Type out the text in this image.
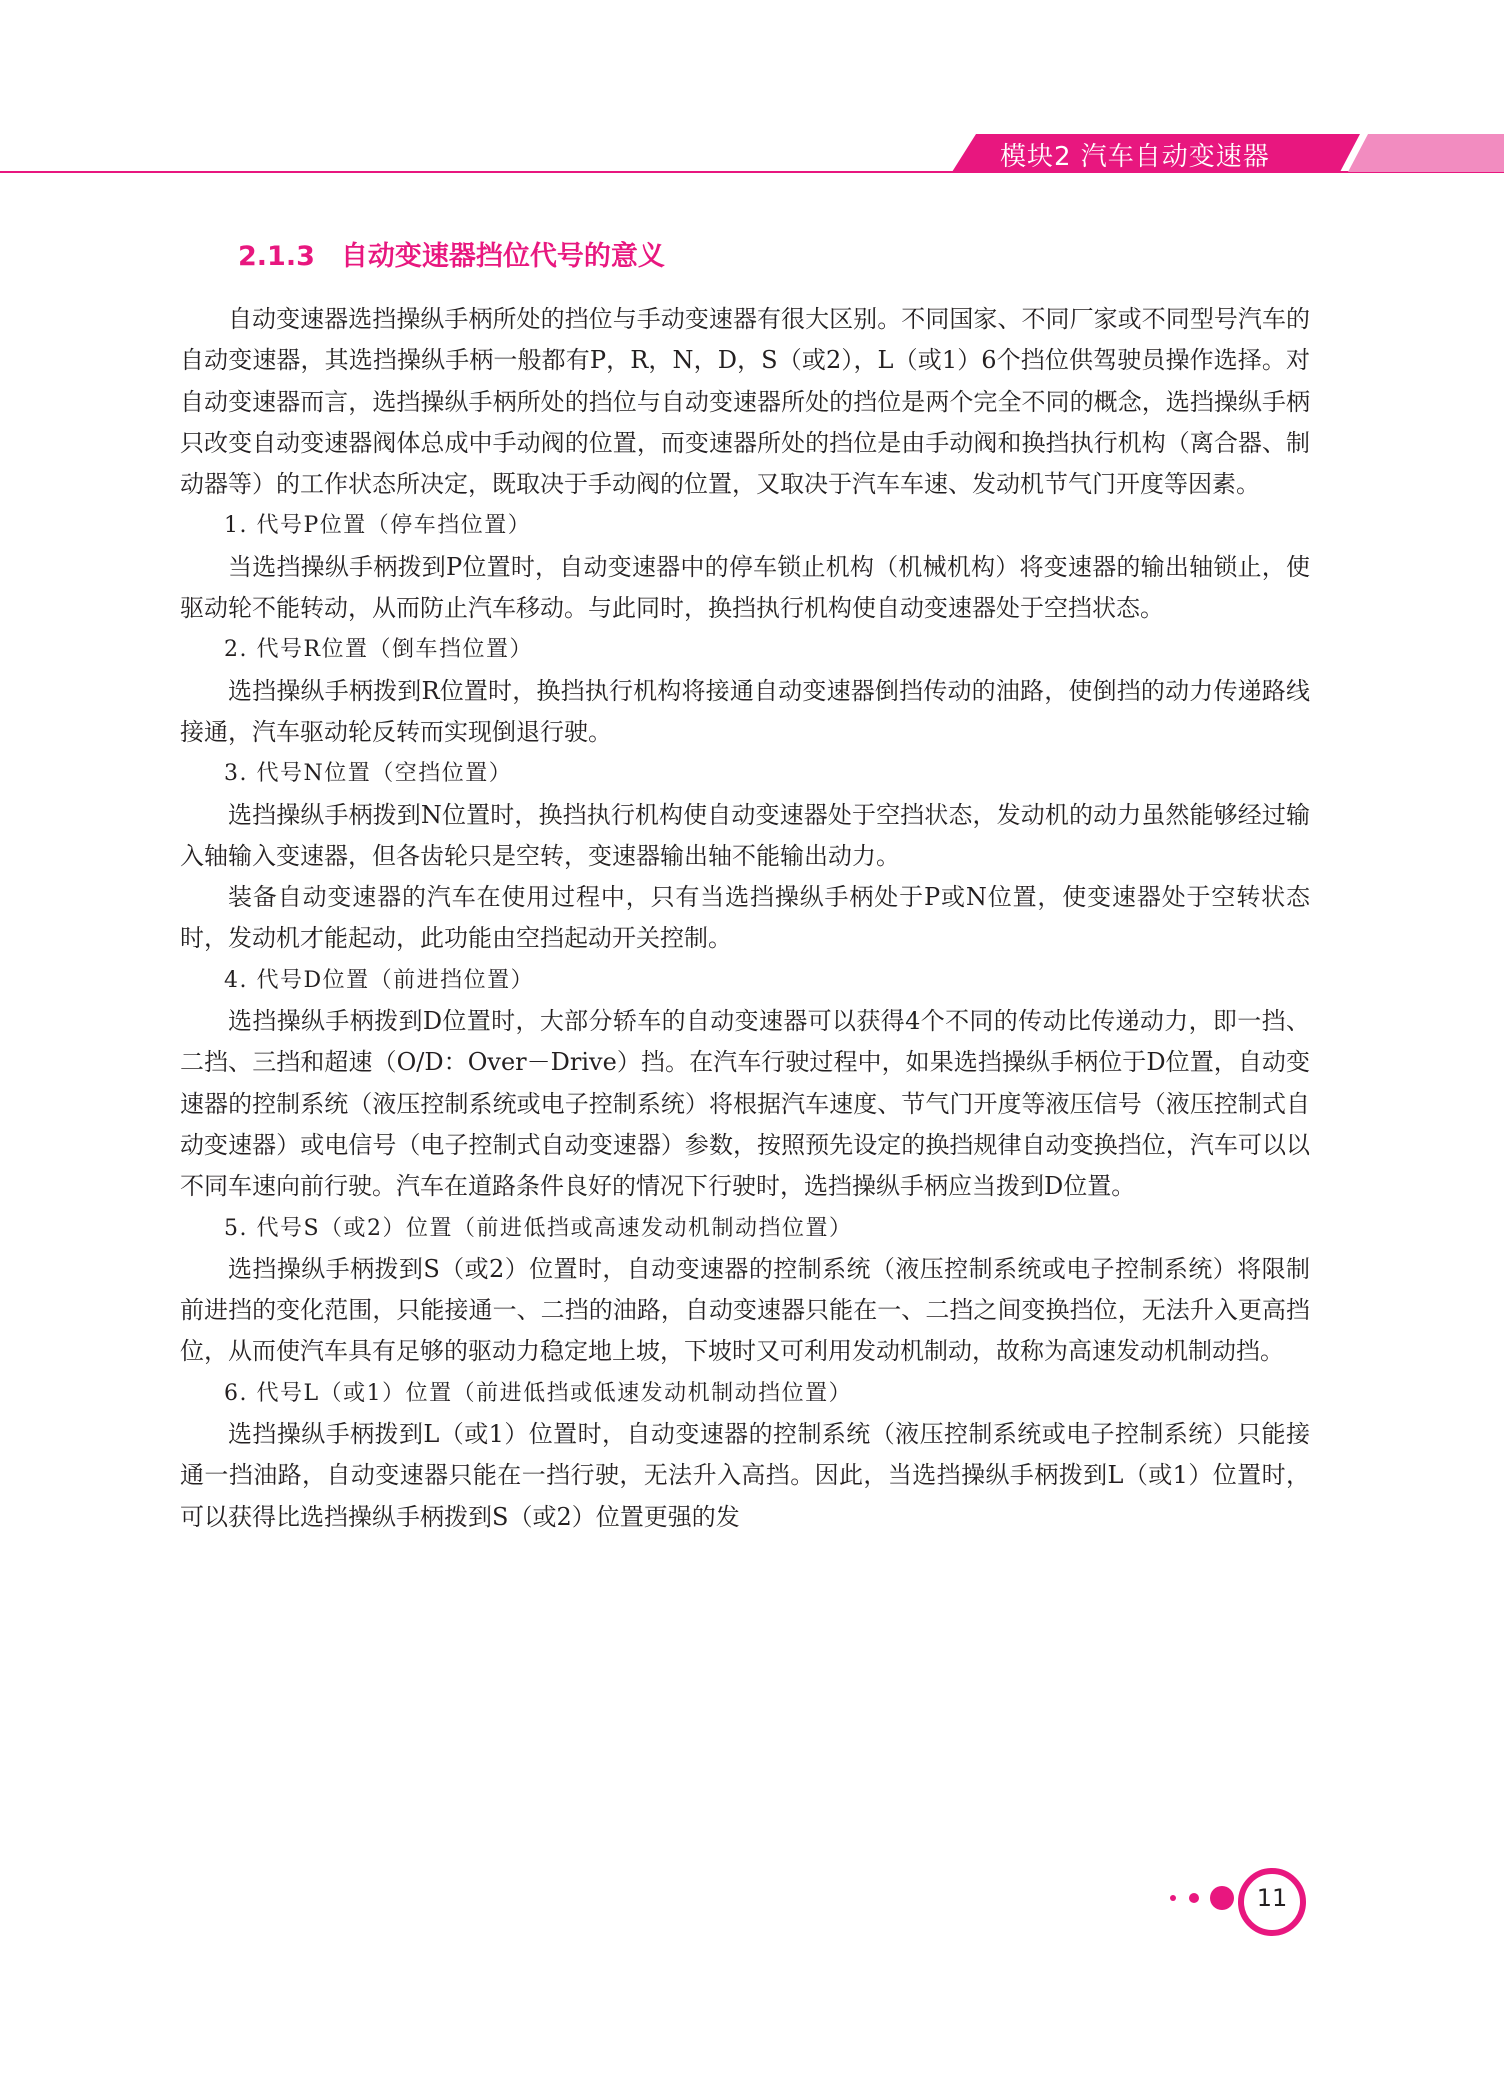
模块2 汽车自动变速器
2.1.3 自动变速器挡位代号的意义

自动变速器选挡操纵手柄所处的挡位与手动变速器有很大区别。不同国家、不同厂家或不同型号汽车的自动变速器，其选挡操纵手柄一般都有P，R，N，D，S（或2），L（或1）6个挡位供驾驶员操作选择。对自动变速器而言，选挡操纵手柄所处的挡位与自动变速器所处的挡位是两个完全不同的概念，选挡操纵手柄只改变自动变速器阀体总成中手动阀的位置，而变速器所处的挡位是由手动阀和换挡执行机构（离合器、制动器等）的工作状态所决定，既取决于手动阀的位置，又取决于汽车车速、发动机节气门开度等因素。

1. 代号P位置（停车挡位置）

当选挡操纵手柄拨到P位置时，自动变速器中的停车锁止机构（机械机构）将变速器的输出轴锁止，使驱动轮不能转动，从而防止汽车移动。与此同时，换挡执行机构使自动变速器处于空挡状态。

2. 代号R位置（倒车挡位置）

选挡操纵手柄拨到R位置时，换挡执行机构将接通自动变速器倒挡传动的油路，使倒挡的动力传递路线接通，汽车驱动轮反转而实现倒退行驶。

3. 代号N位置（空挡位置）

选挡操纵手柄拨到N位置时，换挡执行机构使自动变速器处于空挡状态，发动机的动力虽然能够经过输入轴输入变速器，但各齿轮只是空转，变速器输出轴不能输出动力。

装备自动变速器的汽车在使用过程中，只有当选挡操纵手柄处于P或N位置，使变速器处于空转状态时，发动机才能起动，此功能由空挡起动开关控制。

4. 代号D位置（前进挡位置）

选挡操纵手柄拨到D位置时，大部分轿车的自动变速器可以获得4个不同的传动比传递动力，即一挡、二挡、三挡和超速（O/D：Over－Drive）挡。在汽车行驶过程中，如果选挡操纵手柄位于D位置，自动变速器的控制系统（液压控制系统或电子控制系统）将根据汽车速度、节气门开度等液压信号（液压控制式自动变速器）或电信号（电子控制式自动变速器）参数，按照预先设定的换挡规律自动变换挡位，汽车可以以不同车速向前行驶。汽车在道路条件良好的情况下行驶时，选挡操纵手柄应当拨到D位置。

5. 代号S（或2）位置（前进低挡或高速发动机制动挡位置）

选挡操纵手柄拨到S（或2）位置时，自动变速器的控制系统（液压控制系统或电子控制系统）将限制前进挡的变化范围，只能接通一、二挡的油路，自动变速器只能在一、二挡之间变换挡位，无法升入更高挡位，从而使汽车具有足够的驱动力稳定地上坡，下坡时又可利用发动机制动，故称为高速发动机制动挡。

6. 代号L（或1）位置（前进低挡或低速发动机制动挡位置）

选挡操纵手柄拨到L（或1）位置时，自动变速器的控制系统（液压控制系统或电子控制系统）只能接通一挡油路，自动变速器只能在一挡行驶，无法升入高挡。因此，当选挡操纵手柄拨到L（或1）位置时，可以获得比选挡操纵手柄拨到S（或2）位置更强的发

11
